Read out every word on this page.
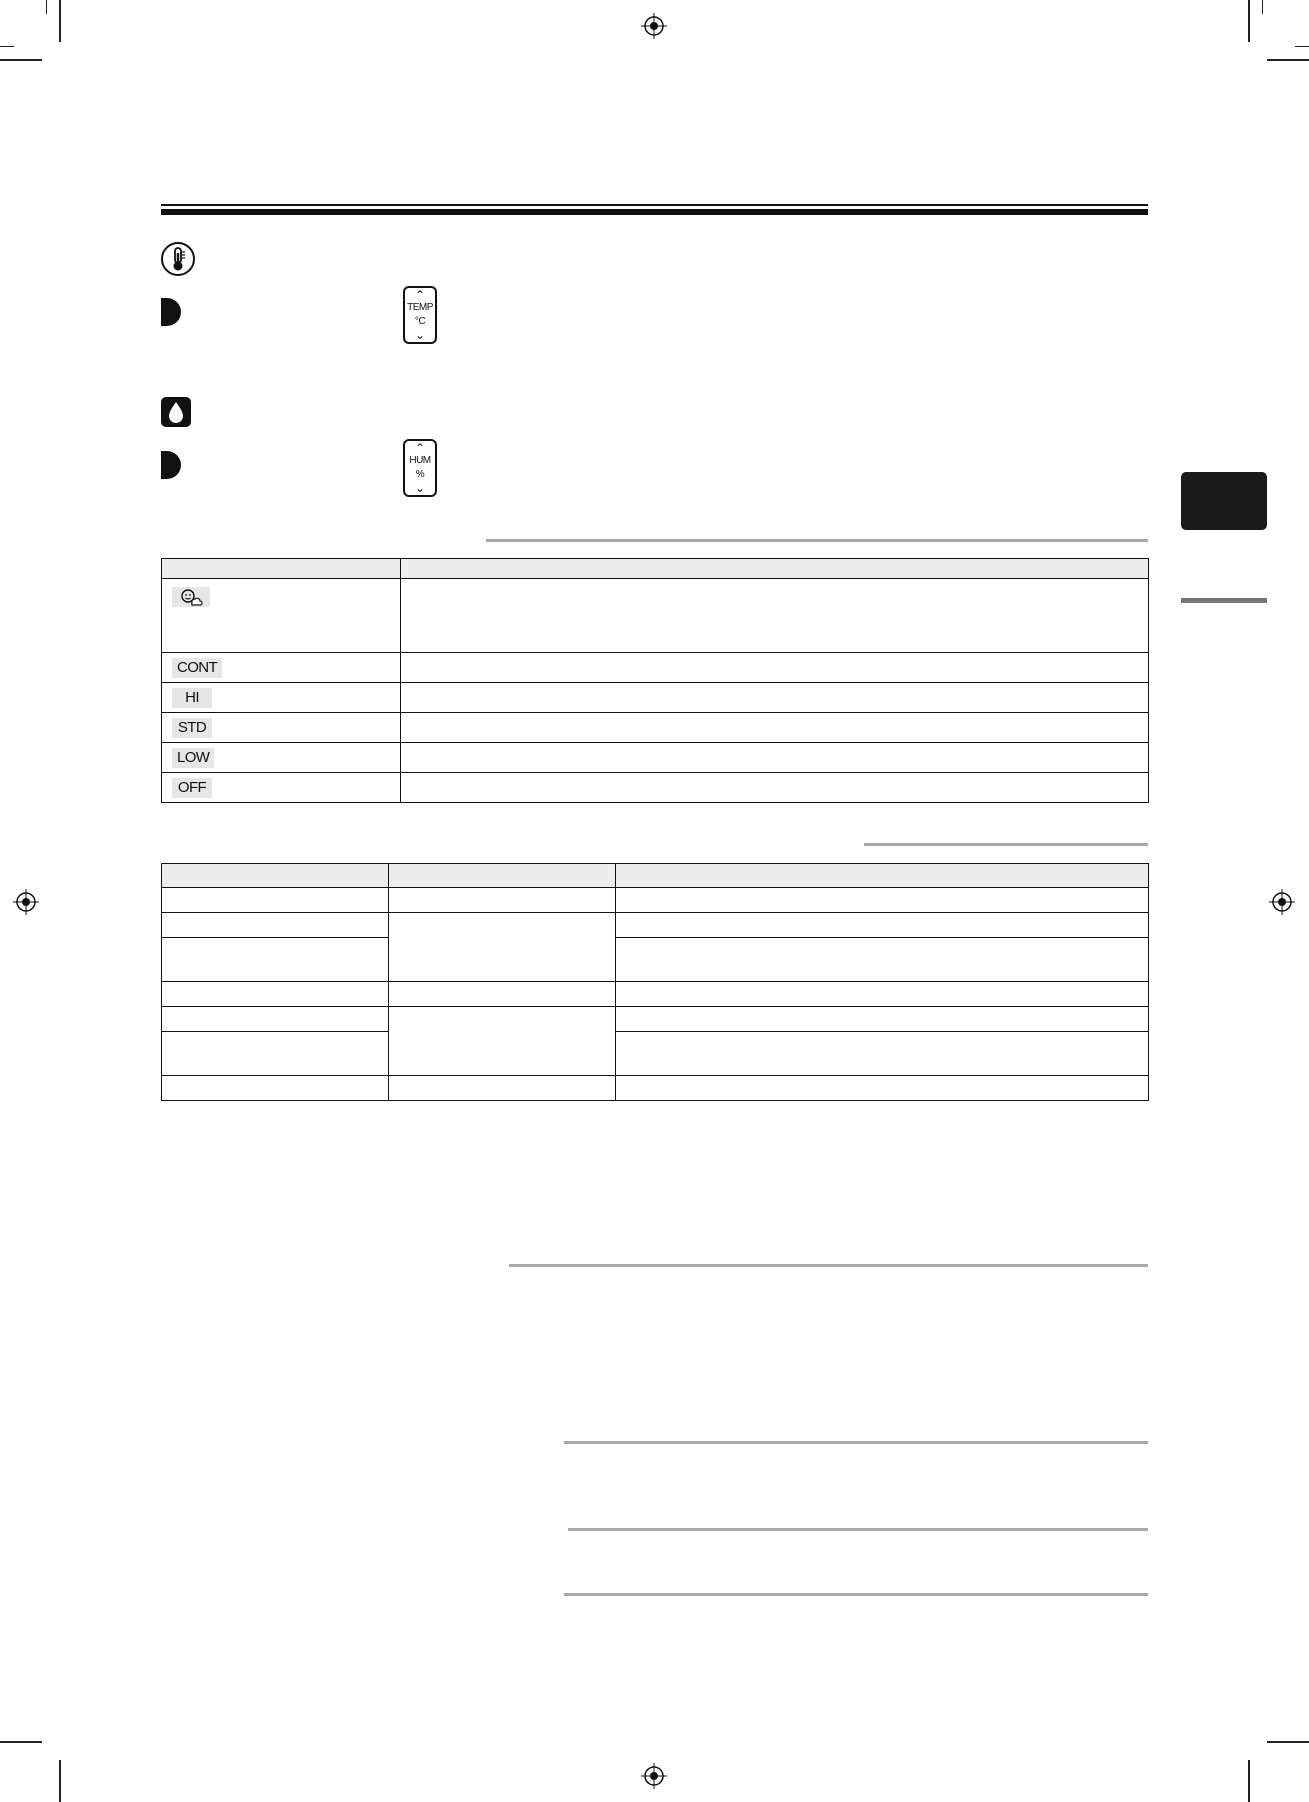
⌃
TEMP
°C
⌄
⌃
HUM
%
⌄

CONT	
HI	
STD	
LOW	
OFF	
